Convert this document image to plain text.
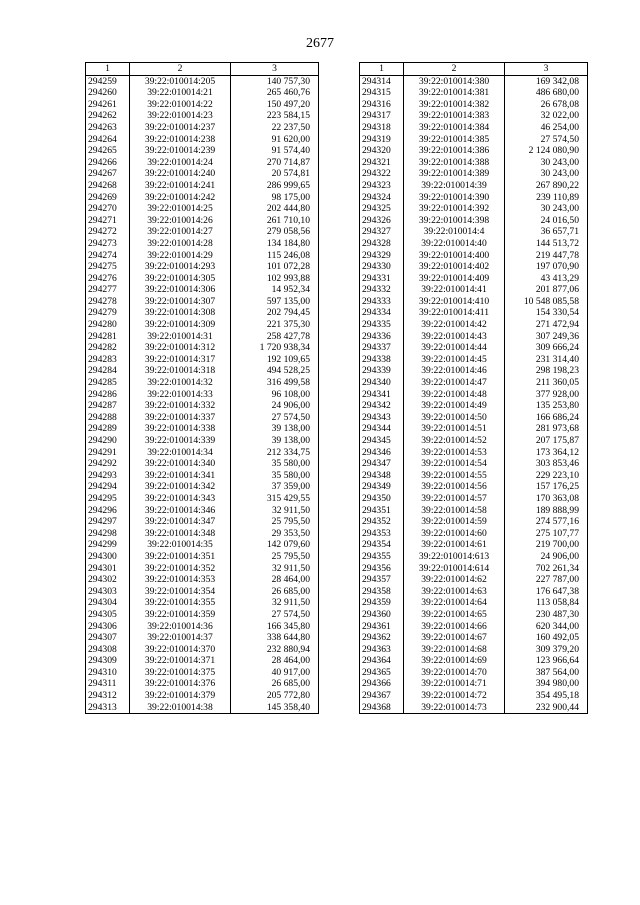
2677
1	2	3
294259	39:22:010014:205	140 757,30
294260	39:22:010014:21	265 460,76
294261	39:22:010014:22	150 497,20
294262	39:22:010014:23	223 584,15
294263	39:22:010014:237	22 237,50
294264	39:22:010014:238	91 620,00
294265	39:22:010014:239	91 574,40
294266	39:22:010014:24	270 714,87
294267	39:22:010014:240	20 574,81
294268	39:22:010014:241	286 999,65
294269	39:22:010014:242	98 175,00
294270	39:22:010014:25	202 444,80
294271	39:22:010014:26	261 710,10
294272	39:22:010014:27	279 058,56
294273	39:22:010014:28	134 184,80
294274	39:22:010014:29	115 246,08
294275	39:22:010014:293	101 072,28
294276	39:22:010014:305	102 993,88
294277	39:22:010014:306	14 952,34
294278	39:22:010014:307	597 135,00
294279	39:22:010014:308	202 794,45
294280	39:22:010014:309	221 375,30
294281	39:22:010014:31	258 427,78
294282	39:22:010014:312	1 720 938,34
294283	39:22:010014:317	192 109,65
294284	39:22:010014:318	494 528,25
294285	39:22:010014:32	316 499,58
294286	39:22:010014:33	96 108,00
294287	39:22:010014:332	24 906,00
294288	39:22:010014:337	27 574,50
294289	39:22:010014:338	39 138,00
294290	39:22:010014:339	39 138,00
294291	39:22:010014:34	212 334,75
294292	39:22:010014:340	35 580,00
294293	39:22:010014:341	35 580,00
294294	39:22:010014:342	37 359,00
294295	39:22:010014:343	315 429,55
294296	39:22:010014:346	32 911,50
294297	39:22:010014:347	25 795,50
294298	39:22:010014:348	29 353,50
294299	39:22:010014:35	142 079,60
294300	39:22:010014:351	25 795,50
294301	39:22:010014:352	32 911,50
294302	39:22:010014:353	28 464,00
294303	39:22:010014:354	26 685,00
294304	39:22:010014:355	32 911,50
294305	39:22:010014:359	27 574,50
294306	39:22:010014:36	166 345,80
294307	39:22:010014:37	338 644,80
294308	39:22:010014:370	232 880,94
294309	39:22:010014:371	28 464,00
294310	39:22:010014:375	40 917,00
294311	39:22:010014:376	26 685,00
294312	39:22:010014:379	205 772,80
294313	39:22:010014:38	145 358,40
1	2	3
294314	39:22:010014:380	169 342,08
294315	39:22:010014:381	486 680,00
294316	39:22:010014:382	26 678,08
294317	39:22:010014:383	32 022,00
294318	39:22:010014:384	46 254,00
294319	39:22:010014:385	27 574,50
294320	39:22:010014:386	2 124 080,90
294321	39:22:010014:388	30 243,00
294322	39:22:010014:389	30 243,00
294323	39:22:010014:39	267 890,22
294324	39:22:010014:390	239 110,89
294325	39:22:010014:392	30 243,00
294326	39:22:010014:398	24 016,50
294327	39:22:010014:4	36 657,71
294328	39:22:010014:40	144 513,72
294329	39:22:010014:400	219 447,78
294330	39:22:010014:402	197 070,90
294331	39:22:010014:409	43 413,29
294332	39:22:010014:41	201 877,06
294333	39:22:010014:410	10 548 085,58
294334	39:22:010014:411	154 330,54
294335	39:22:010014:42	271 472,94
294336	39:22:010014:43	307 249,36
294337	39:22:010014:44	309 666,24
294338	39:22:010014:45	231 314,40
294339	39:22:010014:46	298 198,23
294340	39:22:010014:47	211 360,05
294341	39:22:010014:48	377 928,00
294342	39:22:010014:49	135 253,80
294343	39:22:010014:50	166 686,24
294344	39:22:010014:51	281 973,68
294345	39:22:010014:52	207 175,87
294346	39:22:010014:53	173 364,12
294347	39:22:010014:54	303 853,46
294348	39:22:010014:55	229 223,10
294349	39:22:010014:56	157 176,25
294350	39:22:010014:57	170 363,08
294351	39:22:010014:58	189 888,99
294352	39:22:010014:59	274 577,16
294353	39:22:010014:60	275 107,77
294354	39:22:010014:61	219 700,00
294355	39:22:010014:613	24 906,00
294356	39:22:010014:614	702 261,34
294357	39:22:010014:62	227 787,00
294358	39:22:010014:63	176 647,38
294359	39:22:010014:64	113 058,84
294360	39:22:010014:65	230 487,30
294361	39:22:010014:66	620 344,00
294362	39:22:010014:67	160 492,05
294363	39:22:010014:68	309 379,20
294364	39:22:010014:69	123 966,64
294365	39:22:010014:70	387 564,00
294366	39:22:010014:71	394 980,00
294367	39:22:010014:72	354 495,18
294368	39:22:010014:73	232 900,44
